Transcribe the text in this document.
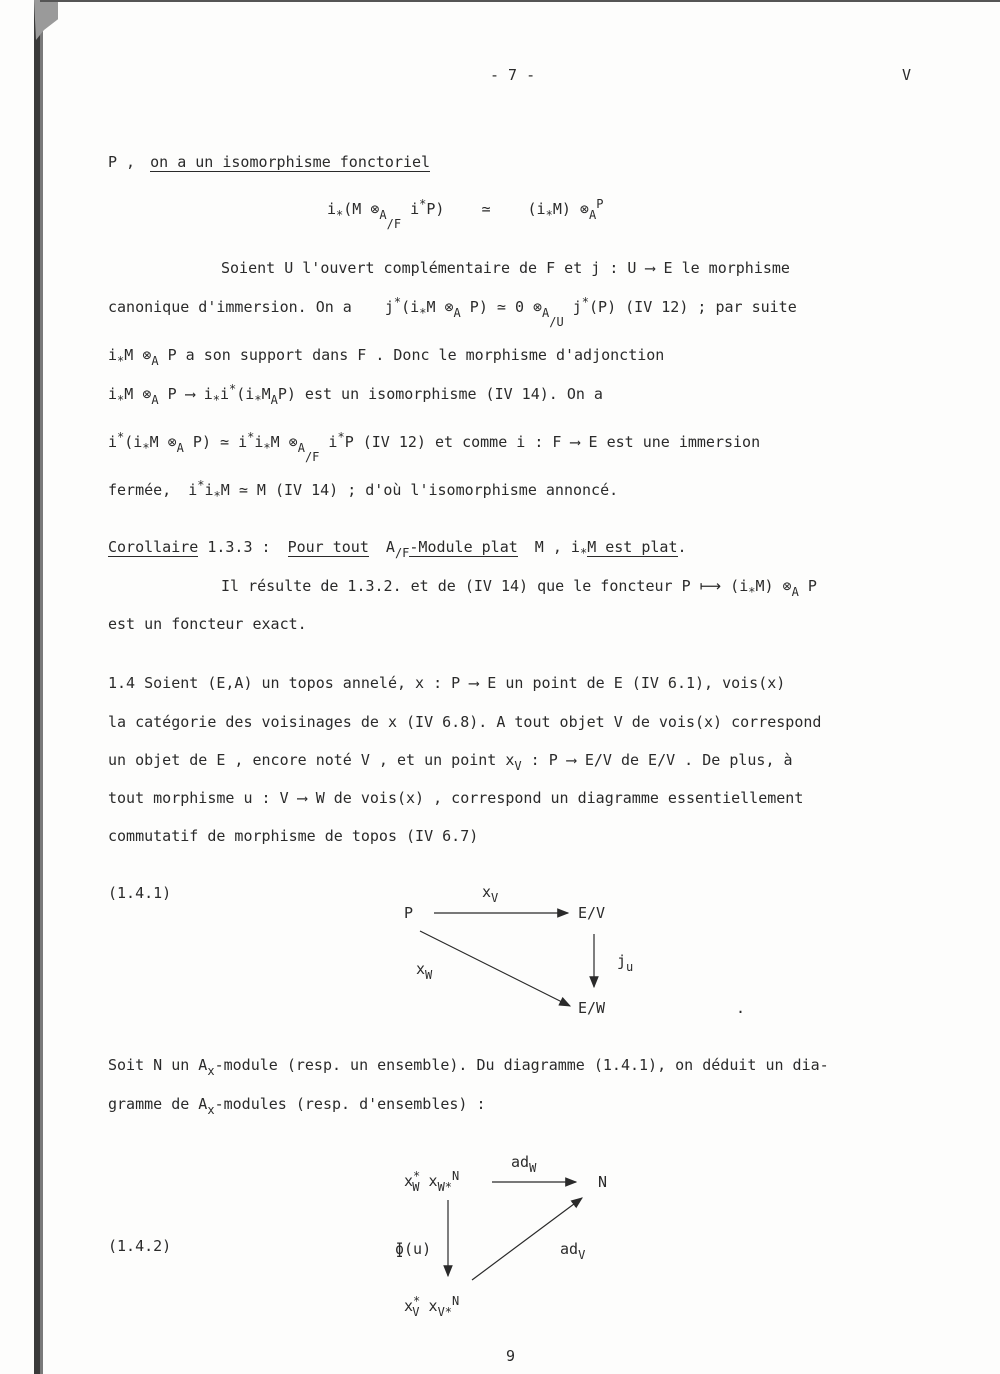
- 7 -	V
P , on a un isomorphisme fonctoriel
$i_*(M$ $\otimes_{A/F}$ i*P) ≃ $(i_*M)$ $\otimes_A^P$
Soient U l'ouvert complémentaire de F et j : U ⟶ E le morphisme
canonique d'immersion. On a $j^*(i_*M$ $\otimes_A$ P) ≃ 0 $\otimes_{A/U}$ j*(P) (IV 12) ; par suite
$i_*M$ $\otimes_A$ P a son support dans F . Donc le morphisme d'adjonction
$i_*M$ $\otimes_A$ P ⟶ $i_*i^*(i_*M_AP)$ est un isomorphisme (IV 14). On a
$i^*(i_*M$ $\otimes_A$ P) ≃ $i^*i_*M$ $\otimes_{A/F}$ i*P (IV 12) et comme i : F ⟶ E est une immersion
fermée, $i^*i_*M$ ≃ M (IV 14) ; d'où l'isomorphisme annoncé.
Corollaire 1.3.3 : Pour tout $A_{/F}$-Module plat M , $i_*M$ est plat.
Il résulte de 1.3.2. et de (IV 14) que le foncteur P ⟼ $(i_*M)$ $\otimes_A$ P
est un foncteur exact.
1.4 Soient (E,A) un topos annelé, x : P ⟶ E un point de E (IV 6.1), vois(x)
la catégorie des voisinages de x (IV 6.8). A tout objet V de vois(x) correspond
un objet de E , encore noté V , et un point $x_V$ : P ⟶ E/V de E/V . De plus, à
tout morphisme u : V ⟶ W de vois(x) , correspond un diagramme essentiellement
commutatif de morphisme de topos (IV 6.7)
(1.4.1)
P	E/V
E/W
$x_V$
$x_W$
$j_u$
.
Soit N un $A_x$-module (resp. un ensemble). Du diagramme (1.4.1), on déduit un dia-
gramme de $A_x$-modules (resp. d'ensembles) :
(1.4.2)
$x^*_W$ $x_{W*}^N$
$x^*_V$ $x_{V*}^N$
N
$ad_W$
$ad_V$
ɸ(u)
9
